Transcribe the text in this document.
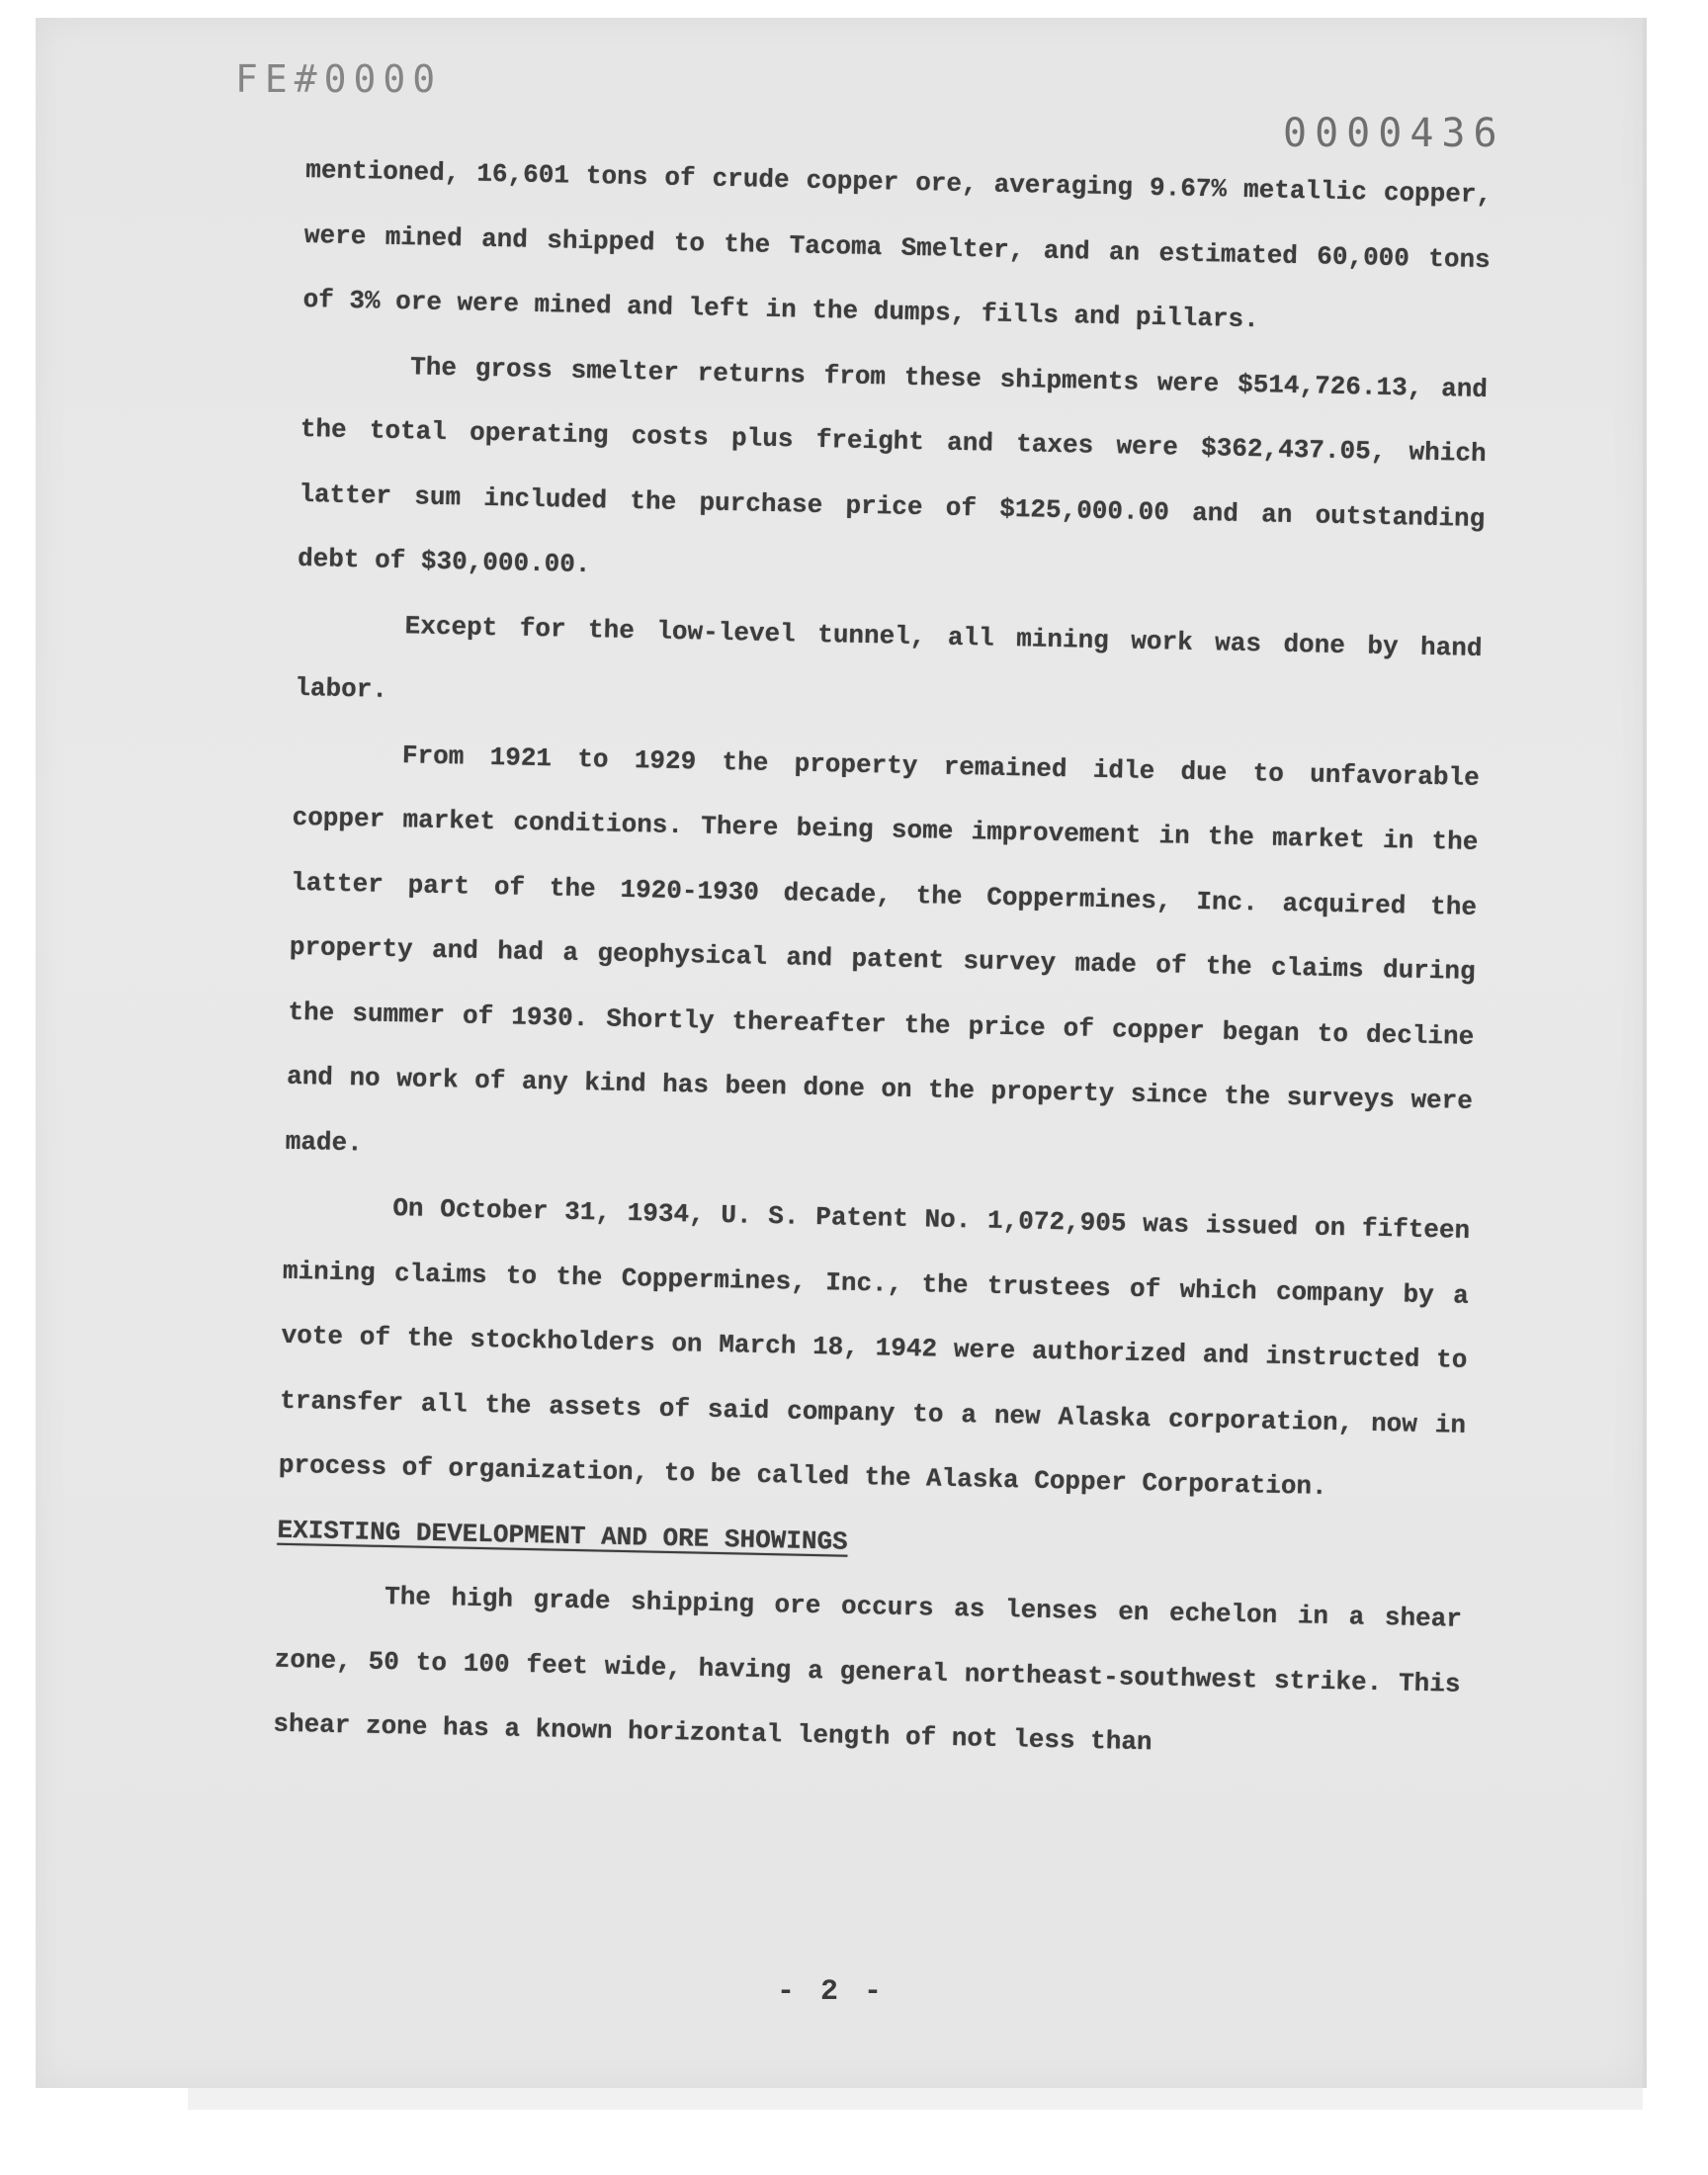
FE#0000
0000436

mentioned, 16,601 tons of crude copper ore, averaging 9.67% metallic copper, were mined and shipped to the Tacoma Smelter, and an estimated 60,000 tons of 3% ore were mined and left in the dumps, fills and pillars.

The gross smelter returns from these shipments were $514,726.13, and the total operating costs plus freight and taxes were $362,437.05, which latter sum included the purchase price of $125,000.00 and an outstanding debt of $30,000.00.

Except for the low-level tunnel, all mining work was done by hand labor.

From 1921 to 1929 the property remained idle due to unfavorable copper market conditions. There being some improvement in the market in the latter part of the 1920-1930 decade, the Coppermines, Inc. acquired the property and had a geophysical and patent survey made of the claims during the summer of 1930. Shortly thereafter the price of copper began to decline and no work of any kind has been done on the property since the surveys were made.

On October 31, 1934, U. S. Patent No. 1,072,905 was issued on fifteen mining claims to the Coppermines, Inc., the trustees of which company by a vote of the stockholders on March 18, 1942 were authorized and instructed to transfer all the assets of said company to a new Alaska corporation, now in process of organization, to be called the Alaska Copper Corporation.

EXISTING DEVELOPMENT AND ORE SHOWINGS

The high grade shipping ore occurs as lenses en echelon in a shear zone, 50 to 100 feet wide, having a general northeast-southwest strike. This shear zone has a known horizontal length of not less than

- 2 -
